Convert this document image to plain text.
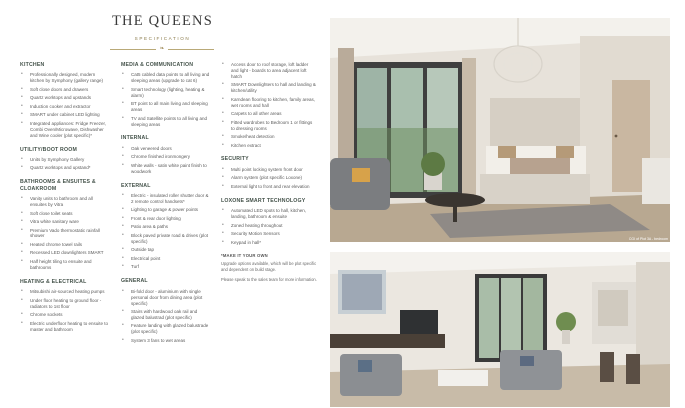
THE QUEENS
SPECIFICATION
❧
KITCHEN
• Professionally designed, modern kitchen by Symphony (gallery range)
• Soft close doors and drawers
• Quartz worktops and upstands
• Induction cooker and extractor
• SMART under cabinet LED lighting
• Integrated appliances: Fridge Freezer, Combi Oven/Microwave, Dishwasher and Wine cooler (plot specific)*
UTILITY/BOOT ROOM
• Units by Symphony Gallery
• Quartz worktops and upstand*
BATHROOMS & ENSUITES & CLOAKROOM
• Vanity units to bathroom and all ensuites by Vitra
• Soft close toilet seats
• Vitra white sanitary ware
• Premium Vado thermostatic rainfall shower
• Heated chrome towel rails
• Recessed LED downlighters SMART
• Half height tiling to ensuite and bathrooms
HEATING & ELECTRICAL
• Mitsubishi air-sourced heating pumps
• Under floor heating to ground floor - radiators to 1st floor
• Chrome sockets
• Electric underfloor heating to ensuite to master and bathroom
MEDIA & COMMUNICATION
• Cat5 cabled data points to all living and sleeping areas (upgrade to cat 6)
• Smart technology (lighting, heating & alarm)
• BT point to all main living and sleeping areas
• TV and Satellite points to all living and sleeping areas
INTERNAL
• Oak veneered doors
• Chrome finished ironmongery
• White walls - satin white paint finish to woodwork
EXTERNAL
• Electric - insulated roller shutter door & 2 remote control handsets*
• Lighting to garage & power points
• Front & rear door lighting
• Patio area & paths
• Block paved private road & drives (plot specific)
• Outside tap
• Electrical point
• Turf
GENERAL
• Bi-fold door - aluminium with single personal door from dining area (plot specific)
• Stairs with hardwood oak rail and glazed balustrad (plot specific)
• Feature landing with glazed balustrade (plot specific)
• System 3 fans to wet areas
• Access door to roof storage, loft ladder and light - boards to area adjacent loft hatch
• SMART Downlighters to hall and landing & kitchen/utility
• Karndean flooring to kitchen, family areas, wet rooms and hall
• Carpets to all other areas
• Fitted wardrobes to Bedroom 1 or fittings to dressing rooms
• Smoke/heat detection
• Kitchen extract
SECURITY
• Multi point locking system front door
• Alarm system (plot specific Loxone)
• External light to front and rear elevation
LOXONE SMART TECHNOLOGY
• Automated LED spots to hall, kitchen, landing, bathroom & ensuite
• Zoned heating throughout
• Security Motion Sensors
• Keypad in hall*
*MAKE IT YOUR OWN
Upgrade options available, which will be plot specific and dependent on build stage.
Please speak to the sales team for more information.
CGI of Plot 3A - bedroom
